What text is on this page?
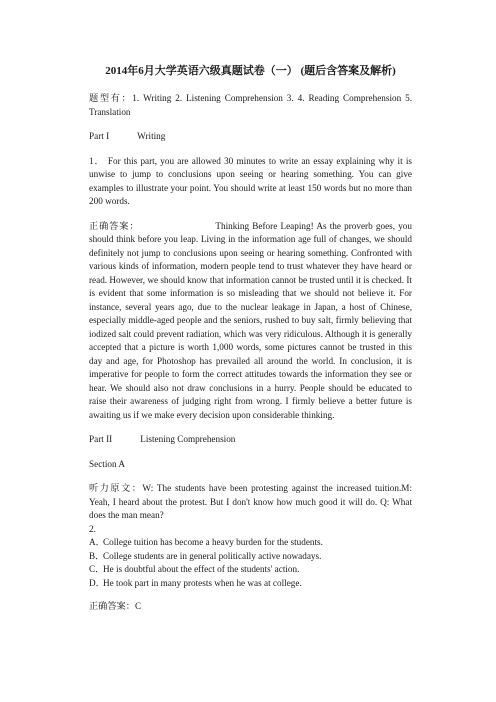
2014年6月大学英语六级真题试卷（一） (题后含答案及解析)

题型有：1. Writing 2. Listening Comprehension 3. 4. Reading Comprehension 5. Translation

Part I	Writing

1． For this part, you are allowed 30 minutes to write an essay explaining why it is unwise to jump to conclusions upon seeing or hearing something. You can give examples to illustrate your point. You should write at least 150 words but no more than 200 words.

正确答案：	Thinking Before Leaping! As the proverb goes, you should think before you leap. Living in the information age full of changes, we should definitely not jump to conclusions upon seeing or hearing something. Confronted with various kinds of information, modern people tend to trust whatever they have heard or read. However, we should know that information cannot be trusted until it is checked. It is evident that some information is so misleading that we should not believe it. For instance, several years ago, due to the nuclear leakage in Japan, a host of Chinese, especially middle-aged people and the seniors, rushed to buy salt, firmly believing that iodized salt could prevent radiation, which was very ridiculous. Although it is generally accepted that a picture is worth 1,000 words, some pictures cannot be trusted in this day and age, for Photoshop has prevailed all around the world. In conclusion, it is imperative for people to form the correct attitudes towards the information they see or hear. We should also not draw conclusions in a hurry. People should be educated to raise their awareness of judging right from wrong. I firmly believe a better future is awaiting us if we make every decision upon considerable thinking.

Part II	Listening Comprehension

Section A

听力原文：W: The students have been protesting against the increased tuition.M: Yeah, I heard about the protest. But I don't know how much good it will do. Q: What does the man mean?

2.

A．
College tuition has become a heavy burden for the students.
B．
College students are in general politically active nowadays.
C．
He is doubtful about the effect of the students' action.
D．
He took part in many protests when he was at college.

正确答案：C
